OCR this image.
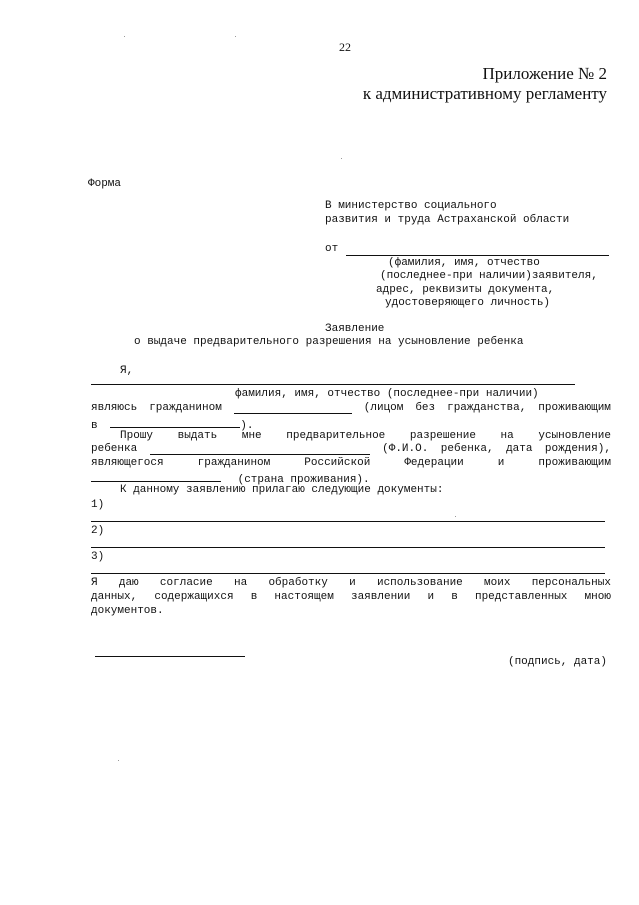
22
Приложение № 2
к административному регламенту
Форма
В министерство социального
развития и труда Астраханской области
от
(фамилия, имя, отчество
(последнее-при наличии)заявителя,
адрес, реквизиты документа,
удостоверяющего личность)
Заявление
о выдаче предварительного разрешения на усыновление ребенка
Я,
фамилия, имя, отчество (последнее-при наличии)
являюсь гражданином	(лицом без гражданства, проживающим
в	).
Прошу выдать мне предварительное разрешение на усыновление
ребенка	(Ф.И.О. ребенка, дата рождения),
являющегося	гражданином	Российской	Федерации	и	проживающим
(страна проживания).
К данному заявлению прилагаю следующие документы:
1)
2)
3)
Я даю согласие на обработку и использование моих персональных
данных, содержащихся в настоящем заявлении и в представленных мною
документов.
(подпись, дата)
